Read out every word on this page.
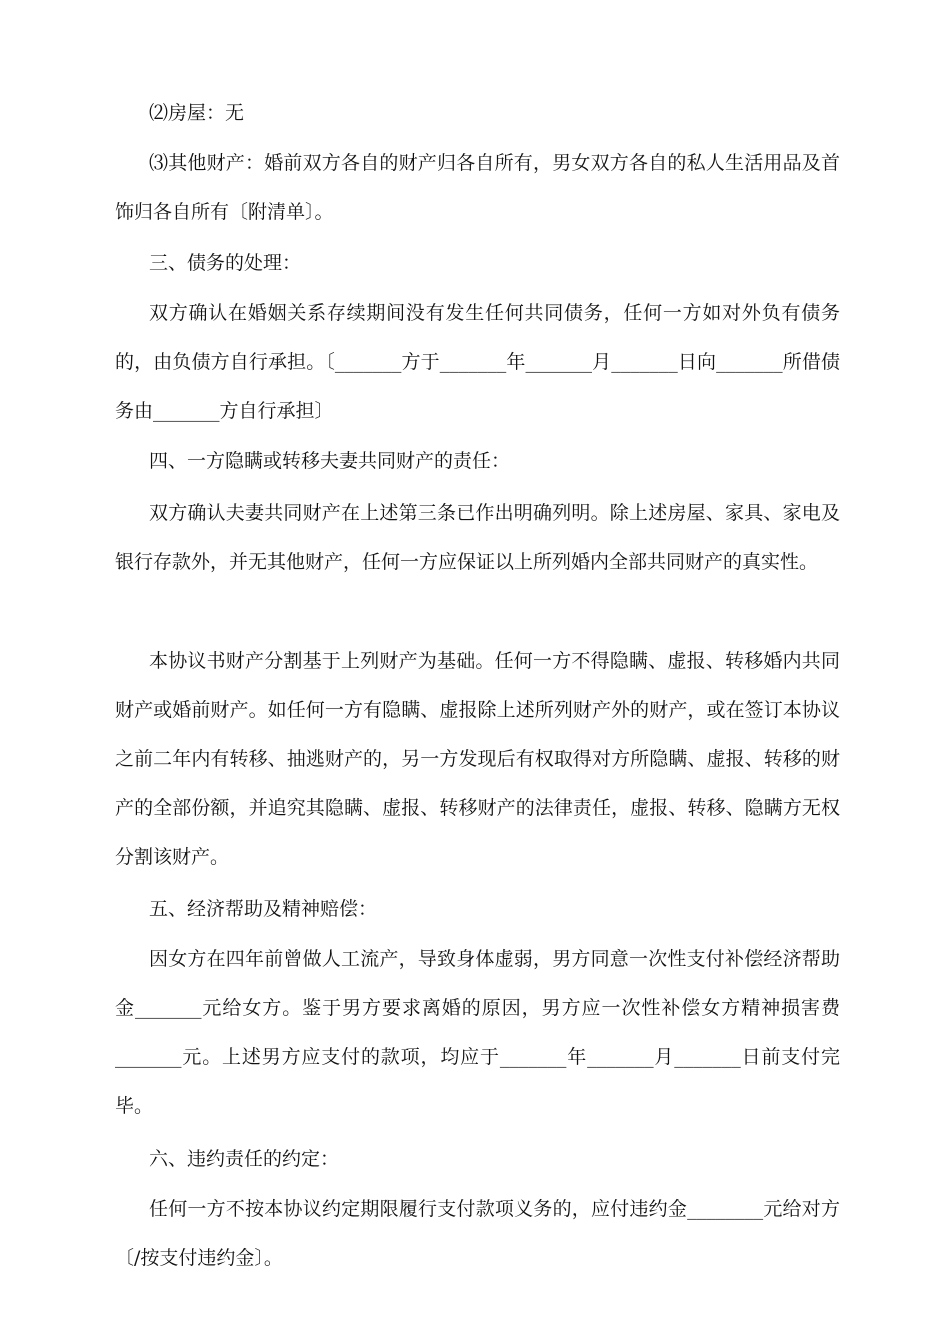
⑵房屋：无

⑶其他财产：婚前双方各自的财产归各自所有，男女双方各自的私人生活用品及首饰归各自所有〔附清单〕。

三、债务的处理：

双方确认在婚姻关系存续期间没有发生任何共同债务，任何一方如对外负有债务的，由负债方自行承担。〔_______方于_______年_______月_______日向_______所借债务由_______方自行承担〕

四、一方隐瞒或转移夫妻共同财产的责任：

双方确认夫妻共同财产在上述第三条已作出明确列明。除上述房屋、家具、家电及银行存款外，并无其他财产，任何一方应保证以上所列婚内全部共同财产的真实性。

本协议书财产分割基于上列财产为基础。任何一方不得隐瞒、虚报、转移婚内共同财产或婚前财产。如任何一方有隐瞒、虚报除上述所列财产外的财产，或在签订本协议之前二年内有转移、抽逃财产的，另一方发现后有权取得对方所隐瞒、虚报、转移的财产的全部份额，并追究其隐瞒、虚报、转移财产的法律责任，虚报、转移、隐瞒方无权分割该财产。

五、经济帮助及精神赔偿：

因女方在四年前曾做人工流产，导致身体虚弱，男方同意一次性支付补偿经济帮助金_______元给女方。鉴于男方要求离婚的原因，男方应一次性补偿女方精神损害费_______元。上述男方应支付的款项，均应于_______年_______月_______日前支付完毕。

六、违约责任的约定：

任何一方不按本协议约定期限履行支付款项义务的，应付违约金________元给对方〔/按支付违约金〕。
